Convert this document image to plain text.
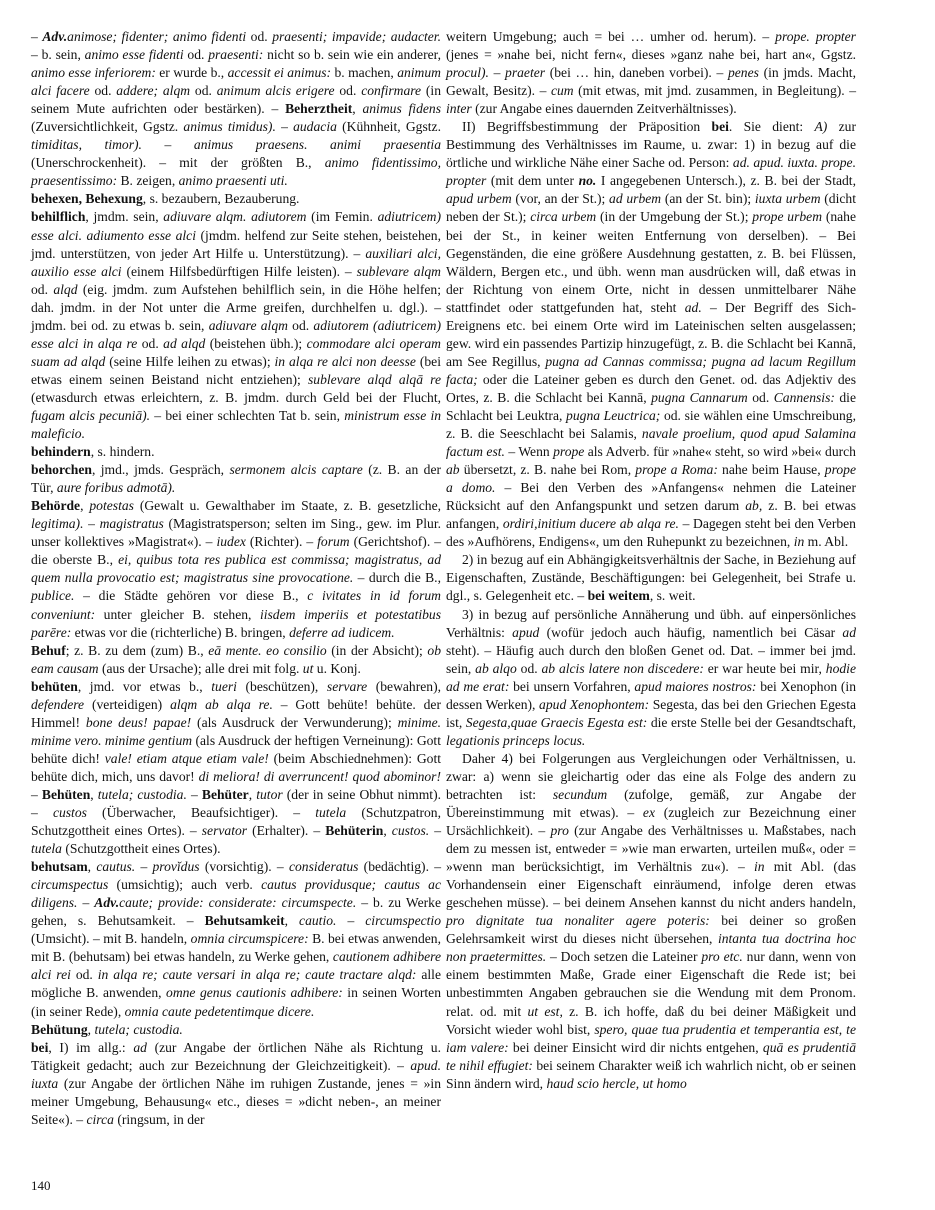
– Adv.animose; fidenter; animo fidenti od. praesenti; impavide; audacter. – b. sein, animo esse fidenti od. praesenti: nicht so b. sein wie ein anderer, animo esse inferiorem: er wurde b., accessit ei animus: b. machen, animum alci facere od. addere; alqm od. animum alcis erigere od. confirmare (in seinem Mute aufrichten oder bestärken). – Beherztheit, animus fidens (Zuversichtlichkeit, Ggstz. animus timidus). – audacia (Kühnheit, Ggstz. timiditas, timor). – animus praesens. animi praesentia (Unerschrockenheit). – mit der größten B., animo fidentissimo, praesentissimo: B. zeigen, animo praesenti uti.

behexen, Behexung, s. bezaubern, Bezauberung.

behilflich, jmdm. sein, adiuvare alqm. adiutorem (im Femin. adiutricem) esse alci. adiumento esse alci (jmdm. helfend zur Seite stehen, beistehen, jmd. unterstützen, von jeder Art Hilfe u. Unterstützung). – auxiliari alci, auxilio esse alci (einem Hilfsbedürftigen Hilfe leisten). – sublevare alqm od. alqd (eig. jmdm. zum Aufstehen behilflich sein, in die Höhe helfen; dah. jmdm. in der Not unter die Arme greifen, durchhelfen u. dgl.). – jmdm. bei od. zu etwas b. sein, adiuvare alqm od. adiutorem (adiutricem) esse alci in alqa re od. ad alqd (beistehen übh.); commodare alci operam suam ad alqd (seine Hilfe leihen zu etwas); in alqa re alci non deesse (bei etwas einem seinen Beistand nicht entziehen); sublevare alqd alqā re (etwasdurch etwas erleichtern, z. B. jmdm. durch Geld bei der Flucht, fugam alcis pecuniā). – bei einer schlechten Tat b. sein, ministrum esse in maleficio.

behindern, s. hindern.

behorchen, jmd., jmds. Gespräch, sermonem alcis captare (z. B. an der Tür, aure foribus admotā).

Behörde, potestas (Gewalt u. Gewalthaber im Staate, z. B. gesetzliche, legitima). – magistratus (Magistratsperson; selten im Sing., gew. im Plur. unser kollektives »Magistrat«). – iudex (Richter). – forum (Gerichtshof). – die oberste B., ei, quibus tota res publica est commissa; magistratus, ad quem nulla provocatio est; magistratus sine provocatione. – durch die B., publice. – die Städte gehören vor diese B., c ivitates in id forum conveniunt: unter gleicher B. stehen, iisdem imperiis et potestatibus parēre: etwas vor die (richterliche) B. bringen, deferre ad iudicem.

Behuf; z. B. zu dem (zum) B., eā mente. eo consilio (in der Absicht); ob eam causam (aus der Ursache); alle drei mit folg. ut u. Konj.

behüten, jmd. vor etwas b., tueri (beschützen), servare (bewahren), defendere (verteidigen) alqm ab alqa re. – Gott behüte! behüte. der Himmel! bone deus! papae! (als Ausdruck der Verwunderung); minime. minime vero. minime gentium (als Ausdruck der heftigen Verneinung): Gott behüte dich! vale! etiam atque etiam vale! (beim Abschiednehmen): Gott behüte dich, mich, uns davor! di meliora! di averruncent! quod abominor! – Behüten, tutela; custodia. – Behüter, tutor (der in seine Obhut nimmt). – custos (Überwacher, Beaufsichtiger). – tutela (Schutzpatron, Schutzgottheit eines Ortes). – servator (Erhalter). – Behüterin, custos. – tutela (Schutzgottheit eines Ortes).

behutsam, cautus. – provĭdus (vorsichtig). – consideratus (bedächtig). – circumspectus (umsichtig); auch verb. cautus providusque; cautus ac diligens. – Adv.caute; provide: considerate: circumspecte. – b. zu Werke gehen, s. Behutsamkeit. – Behutsamkeit, cautio. – circumspectio (Umsicht). – mit B. handeln, omnia circumspicere: B. bei etwas anwenden, mit B. (behutsam) bei etwas handeln, zu Werke gehen, cautionem adhibere alci rei od. in alqa re; caute versari in alqa re; caute tractare alqd: alle mögliche B. anwenden, omne genus cautionis adhibere: in seinen Worten (in seiner Rede), omnia caute pedetentimque dicere.

Behütung, tutela; custodia.

bei, I) im allg.: ad (zur Angabe der örtlichen Nähe als Richtung u. Tätigkeit gedacht; auch zur Bezeichnung der Gleichzeitigkeit). – apud. iuxta (zur Angabe der örtlichen Nähe im ruhigen Zustande, jenes = »in meiner Umgebung, Behausung« etc., dieses = »dicht neben-, an meiner Seite«). – circa (ringsum, in der

weitern Umgebung; auch = bei … umher od. herum). – prope. propter (jenes = »nahe bei, nicht fern«, dieses »ganz nahe bei, hart an«, Ggstz. procul). – praeter (bei … hin, daneben vorbei). – penes (in jmds. Macht, Gewalt, Besitz). – cum (mit etwas, mit jmd. zusammen, in Begleitung). – inter (zur Angabe eines dauernden Zeitverhältnisses).

II) Begriffsbestimmung der Präposition bei. Sie dient: A) zur Bestimmung des Verhältnisses im Raume, u. zwar: 1) in bezug auf die örtliche und wirkliche Nähe einer Sache od. Person: ad. apud. iuxta. prope. propter (mit dem unter no. I angegebenen Untersch.), z. B. bei der Stadt, apud urbem (vor, an der St.); ad urbem (an der St. bin); iuxta urbem (dicht neben der St.); circa urbem (in der Umgebung der St.); prope urbem (nahe bei der St., in keiner weiten Entfernung von derselben). – Bei Gegenständen, die eine größere Ausdehnung gestatten, z. B. bei Flüssen, Wäldern, Bergen etc., und übh. wenn man ausdrücken will, daß etwas in der Richtung von einem Orte, nicht in dessen unmittelbarer Nähe stattfindet oder stattgefunden hat, steht ad. – Der Begriff des Sich-Ereignens etc. bei einem Orte wird im Lateinischen selten ausgelassen; gew. wird ein passendes Partizip hinzugefügt, z. B. die Schlacht bei Kannā, am See Regillus, pugna ad Cannas commissa; pugna ad lacum Regillum facta; oder die Lateiner geben es durch den Genet. od. das Adjektiv des Ortes, z. B. die Schlacht bei Kannā, pugna Cannarum od. Cannensis: die Schlacht bei Leuktra, pugna Leuctrica; od. sie wählen eine Umschreibung, z. B. die Seeschlacht bei Salamis, navale proelium, quod apud Salamina factum est. – Wenn prope als Adverb. für »nahe« steht, so wird »bei« durch ab übersetzt, z. B. nahe bei Rom, prope a Roma: nahe beim Hause, prope a domo. – Bei den Verben des »Anfangens« nehmen die Lateiner Rücksicht auf den Anfangspunkt und setzen darum ab, z. B. bei etwas anfangen, ordiri,initium ducere ab alqa re. – Dagegen steht bei den Verben des »Aufhörens, Endigens«, um den Ruhepunkt zu bezeichnen, in m. Abl.

2) in bezug auf ein Abhängigkeitsverhältnis der Sache, in Beziehung auf Eigenschaften, Zustände, Beschäftigungen: bei Gelegenheit, bei Strafe u. dgl., s. Gelegenheit etc. – bei weitem, s. weit.

3) in bezug auf persönliche Annäherung und übh. auf einpersönliches Verhältnis: apud (wofür jedoch auch häufig, namentlich bei Cäsar ad steht). – Häufig auch durch den bloßen Genet od. Dat. – immer bei jmd. sein, ab alqo od. ab alcis latere non discedere: er war heute bei mir, hodie ad me erat: bei unsern Vorfahren, apud maiores nostros: bei Xenophon (in dessen Werken), apud Xenophontem: Segesta, das bei den Griechen Egesta ist, Segesta,quae Graecis Egesta est: die erste Stelle bei der Gesandtschaft, legationis princeps locus.

Daher 4) bei Folgerungen aus Vergleichungen oder Verhältnissen, u. zwar: a) wenn sie gleichartig oder das eine als Folge des andern zu betrachten ist: secundum (zufolge, gemäß, zur Angabe der Übereinstimmung mit etwas). – ex (zugleich zur Bezeichnung einer Ursächlichkeit). – pro (zur Angabe des Verhältnisses u. Maßstabes, nach dem zu messen ist, entweder = »wie man erwarten, urteilen muß«, oder = »wenn man berücksichtigt, im Verhältnis zu«). – in mit Abl. (das Vorhandensein einer Eigenschaft einräumend, infolge deren etwas geschehen müsse). – bei deinem Ansehen kannst du nicht anders handeln, pro dignitate tua nonaliter agere poteris: bei deiner so großen Gelehrsamkeit wirst du dieses nicht übersehen, intanta tua doctrina hoc non praetermittes. – Doch setzen die Lateiner pro etc. nur dann, wenn von einem bestimmten Maße, Grade einer Eigenschaft die Rede ist; bei unbestimmten Angaben gebrauchen sie die Wendung mit dem Pronom. relat. od. mit ut est, z. B. ich hoffe, daß du bei deiner Mäßigkeit und Vorsicht wieder wohl bist, spero, quae tua prudentia et temperantia est, te iam valere: bei deiner Einsicht wird dir nichts entgehen, quā es prudentiā te nihil effugiet: bei seinem Charakter weiß ich wahrlich nicht, ob er seinen Sinn ändern wird, haud scio hercle, ut homo

140
